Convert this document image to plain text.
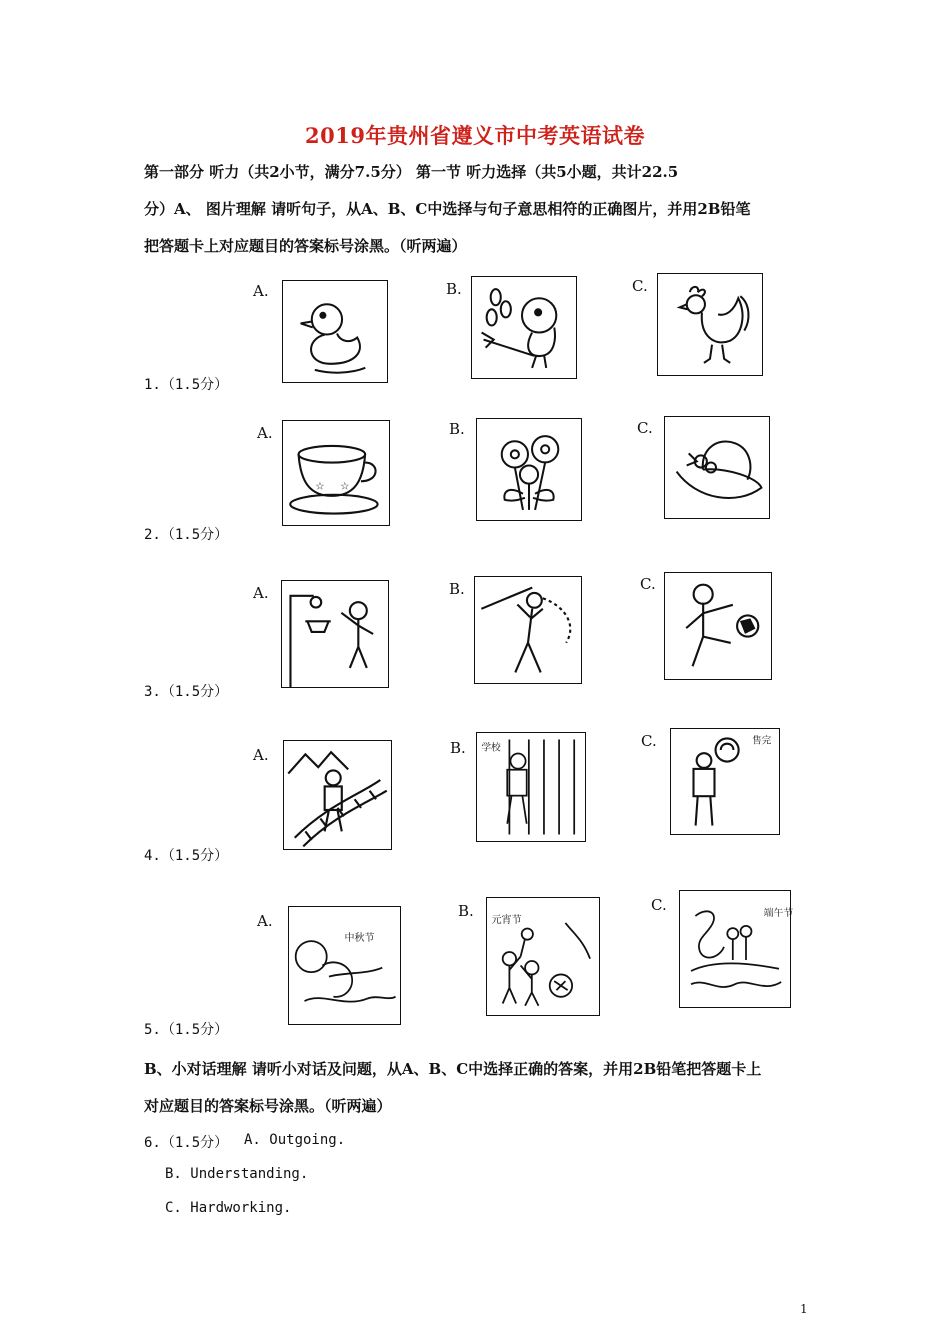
2019年贵州省遵义市中考英语试卷
第一部分 听力（共2小节，满分7.5分） 第一节 听力选择（共5小题，共计22.5
分）A、 图片理解 请听句子，从A、B、C中选择与句子意思相符的正确图片，并用2B铅笔
把答题卡上对应题目的答案标号涂黑。（听两遍）
A.	B.	C.
1.（1.5分）
A.	B.	C.
☆ ☆
2.（1.5分）
A.	B.	C.
3.（1.5分）
A.	B.	C.
学校
售完
4.（1.5分）
A.
B.	C.
中秋节
元宵节
端午节
5.（1.5分）
B、小对话理解 请听小对话及问题，从A、B、C中选择正确的答案，并用2B铅笔把答题卡上
对应题目的答案标号涂黑。（听两遍）
6.（1.5分） A. Outgoing.
B. Understanding.
C. Hardworking.
1
